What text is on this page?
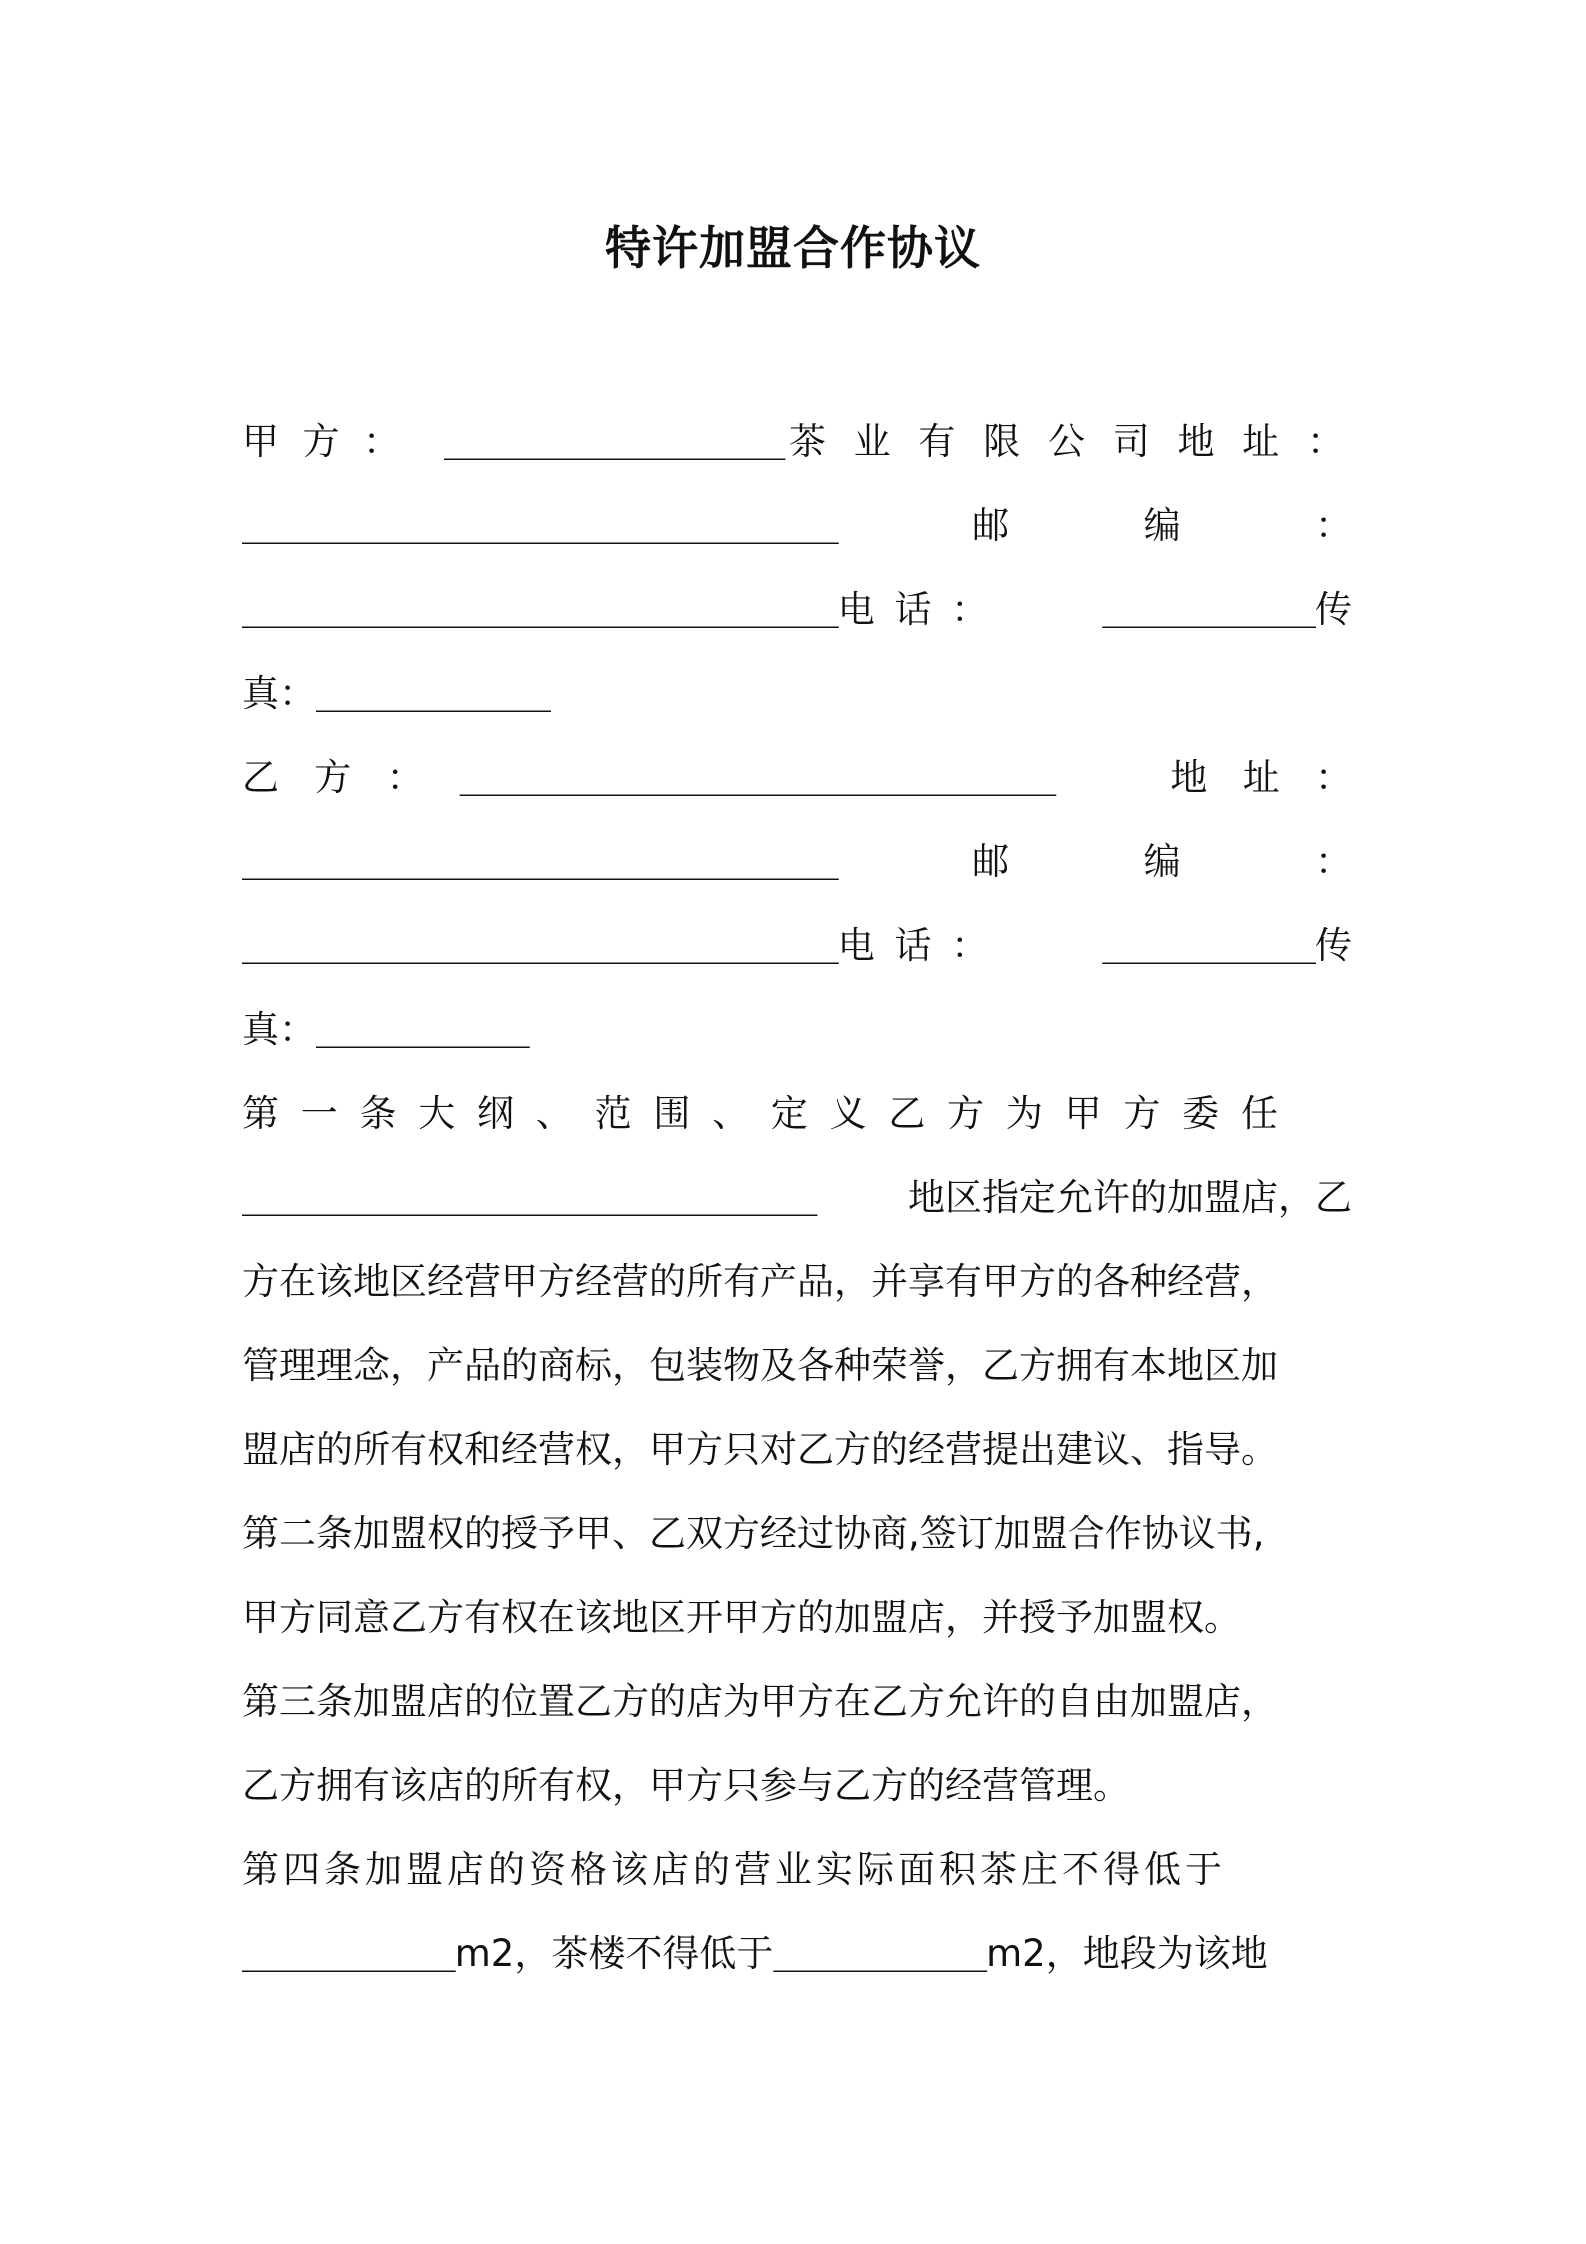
特许加盟合作协议
甲  方  ： ________________ 茶 业 有 限 公 司 地 址 ：
____________________________	邮	编	：
____________________________ 电 话 ：	__________ 传
真： ___________
乙   方   ： ____________________________	地   址   ：
____________________________	邮	编	：
____________________________ 电 话 ：	__________ 传
真： __________
第 一 条 大 纲 、 范 围 、 定 义 乙 方 为 甲 方 委 任
___________________________ 地区指定允许的加盟店，乙
方在该地区经营甲方经营的所有产品，并享有甲方的各种经营，
管理理念，产品的商标，包装物及各种荣誉，乙方拥有本地区加
盟店的所有权和经营权，甲方只对乙方的经营提出建议、指导。
第二条加盟权的授予甲、乙双方经过协商,签订加盟合作协议书,
甲方同意乙方有权在该地区开甲方的加盟店，并授予加盟权。
第三条加盟店的位置乙方的店为甲方在乙方允许的自由加盟店，
乙方拥有该店的所有权，甲方只参与乙方的经营管理。
第四条加盟店的资格该店的营业实际面积茶庄不得低于
__________ m2，茶楼不得低于 __________ m2，地段为该地
